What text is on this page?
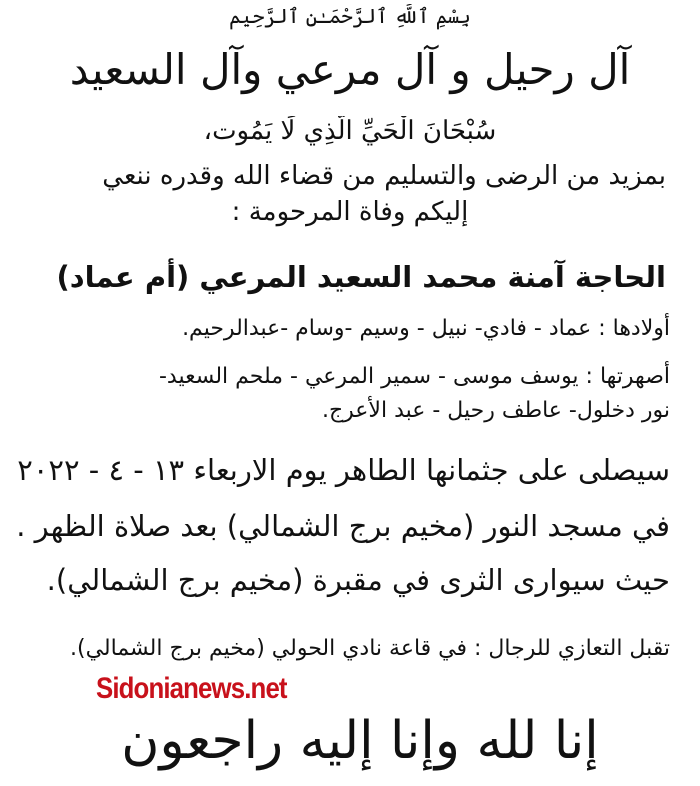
بِسْمِ ٱللَّهِ ٱلرَّحْمَـٰنِ ٱلرَّحِيم
آل رحيل و آل مرعي وآل السعيد
سُبْحَانَ الْحَيِّ الَّذِي لَا يَمُوت،
بمزيد من الرضى والتسليم من قضاء الله وقدره ننعي
إليكم وفاة المرحومة :
الحاجة آمنة محمد السعيد المرعي (أم عماد)
أولادها : عماد - فادي- نبيل - وسيم -وسام -عبدالرحيم.
أصهرتها : يوسف موسى - سمير المرعي - ملحم السعيد-
نور دخلول- عاطف رحيل - عبد الأعرج.
سيصلى على جثمانها الطاهر يوم الاربعاء ١٣ - ٤ - ٢٠٢٢
في مسجد النور (مخيم برج الشمالي) بعد صلاة الظهر .
حيث سيوارى الثرى في مقبرة (مخيم برج الشمالي).
تقبل التعازي للرجال : في قاعة نادي الحولي (مخيم برج الشمالي).
إنا لله وإنا إليه راجعون
Sidonianews.net
